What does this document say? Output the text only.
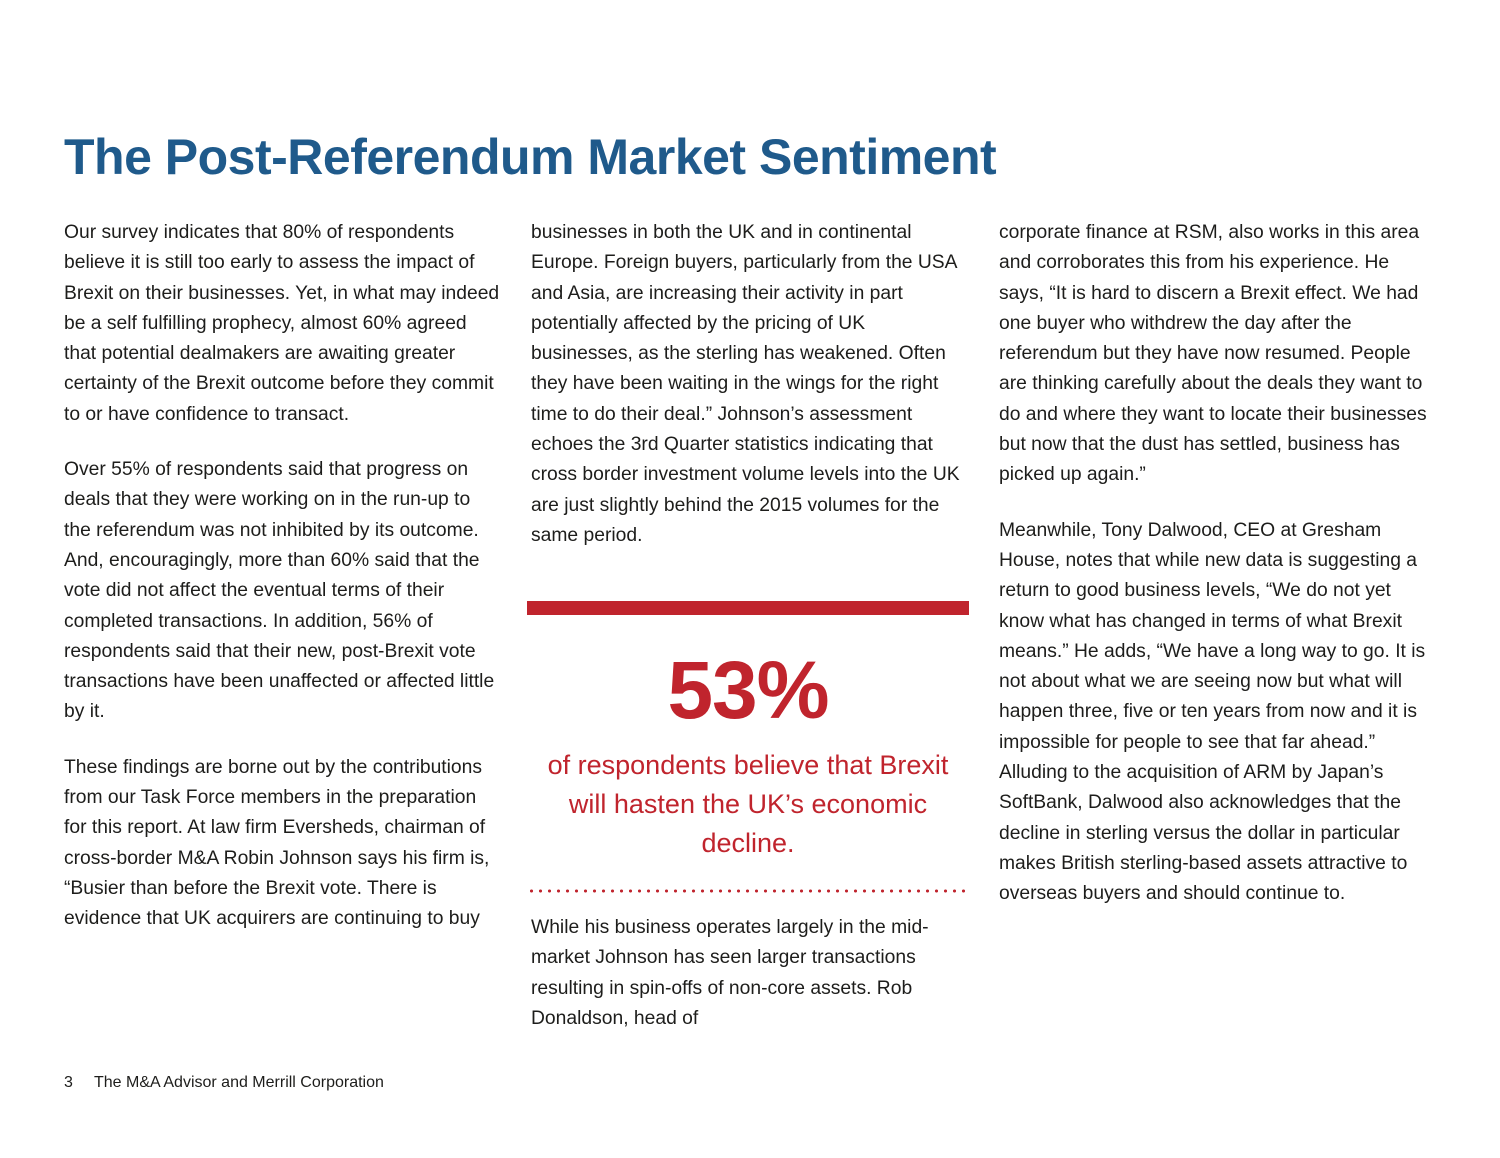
The Post-Referendum Market Sentiment

Our survey indicates that 80% of respondents believe it is still too early to assess the impact of Brexit on their businesses. Yet, in what may indeed be a self fulfilling prophecy, almost 60% agreed that potential dealmakers are awaiting greater certainty of the Brexit outcome before they commit to or have confidence to transact.

Over 55% of respondents said that progress on deals that they were working on in the run-up to the referendum was not inhibited by its outcome. And, encouragingly, more than 60% said that the vote did not affect the eventual terms of their completed transactions. In addition, 56% of respondents said that their new, post-Brexit vote transactions have been unaffected or affected little by it.

These findings are borne out by the contributions from our Task Force members in the preparation for this report. At law firm Eversheds, chairman of cross-border M&A Robin Johnson says his firm is, “Busier than before the Brexit vote. There is evidence that UK acquirers are continuing to buy

businesses in both the UK and in continental Europe. Foreign buyers, particularly from the USA and Asia, are increasing their activity in part potentially affected by the pricing of UK businesses, as the sterling has weakened. Often they have been waiting in the wings for the right time to do their deal.” Johnson’s assessment echoes the 3rd Quarter statistics indicating that cross border investment volume levels into the UK are just slightly behind the 2015 volumes for the same period.

53%
of respondents believe that Brexit will hasten the UK’s economic decline.

While his business operates largely in the mid-market Johnson has seen larger transactions resulting in spin-offs of non-core assets. Rob Donaldson, head of

corporate finance at RSM, also works in this area and corroborates this from his experience. He says, “It is hard to discern a Brexit effect. We had one buyer who withdrew the day after the referendum but they have now resumed. People are thinking carefully about the deals they want to do and where they want to locate their businesses but now that the dust has settled, business has picked up again.”

Meanwhile, Tony Dalwood, CEO at Gresham House, notes that while new data is suggesting a return to good business levels, “We do not yet know what has changed in terms of what Brexit means.” He adds, “We have a long way to go. It is not about what we are seeing now but what will happen three, five or ten years from now and it is impossible for people to see that far ahead.” Alluding to the acquisition of ARM by Japan’s SoftBank, Dalwood also acknowledges that the decline in sterling versus the dollar in particular makes British sterling-based assets attractive to overseas buyers and should continue to.

3 The M&A Advisor and Merrill Corporation
